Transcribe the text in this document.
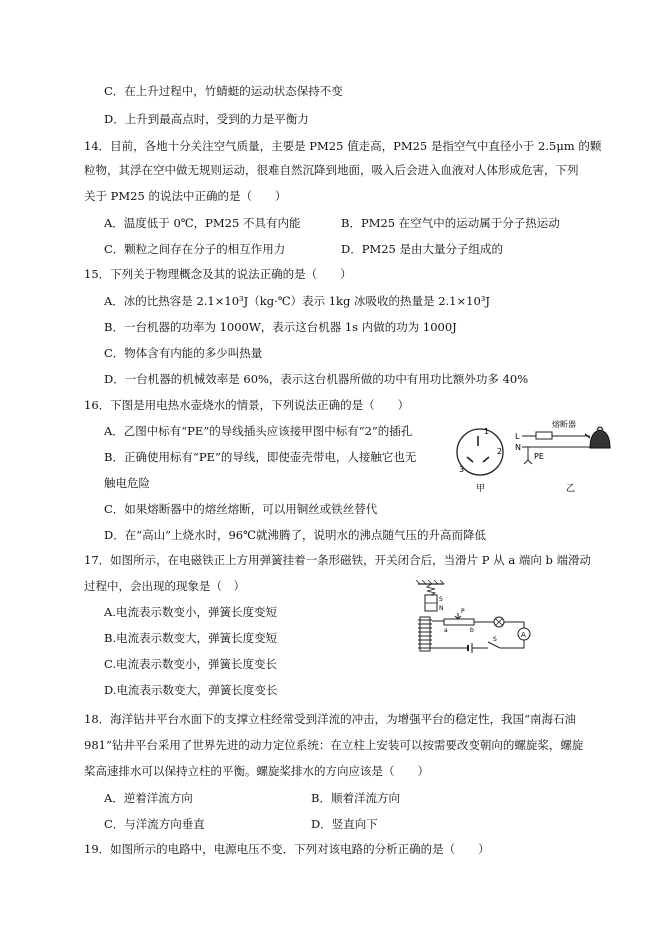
C．在上升过程中，竹蜻蜓的运动状态保持不变
D．上升到最高点时，受到的力是平衡力
14．目前，各地十分关注空气质量，主要是 PM25 值走高，PM25 是指空气中直径小于 2.5μm 的颗
粒物，其浮在空中做无规则运动，很难自然沉降到地面，吸入后会进入血液对人体形成危害，下列
关于 PM25 的说法中正确的是（　　）
A．温度低于 0℃，PM25 不具有内能	B．PM25 在空气中的运动属于分子热运动
C．颗粒之间存在分子的相互作用力	D．PM25 是由大量分子组成的
15．下列关于物理概念及其的说法正确的是（　　）
A．冰的比热容是 2.1×10³J（kg·℃）表示 1kg 冰吸收的热量是 2.1×10³J
B．一台机器的功率为 1000W，表示这台机器 1s 内做的功为 1000J
C．物体含有内能的多少叫热量
D．一台机器的机械效率是 60%，表示这台机器所做的功中有用功比额外功多 40%
16．下图是用电热水壶烧水的情景，下列说法正确的是（　　）
A．乙图中标有“PE”的导线插头应该接甲图中标有“2”的插孔
B．正确使用标有“PE”的导线，即使壶壳带电，人接触它也无
触电危险
C．如果熔断器中的熔丝熔断，可以用铜丝或铁丝替代
D．在“高山”上烧水时，96℃就沸腾了，说明水的沸点随气压的升高而降低
1
2
3
甲
L
N
熔断器
PE
乙
17．如图所示，在电磁铁正上方用弹簧挂着一条形磁铁，开关闭合后，当滑片 P 从 a 端向 b 端滑动
过程中，会出现的现象是（　）
A.电流表示数变小，弹簧长度变短
B.电流表示数变大，弹簧长度变短
C.电流表示数变小，弹簧长度变长
D.电流表示数变大，弹簧长度变长
S
N	P
a	b
A
S
18．海洋钻井平台水面下的支撑立柱经常受到洋流的冲击，为增强平台的稳定性，我国“南海石油
981”钻井平台采用了世界先进的动力定位系统：在立柱上安装可以按需要改变朝向的螺旋桨，螺旋
桨高速排水可以保持立柱的平衡。螺旋桨排水的方向应该是（　　）
A．逆着洋流方向	B．顺着洋流方向
C．与洋流方向垂直	D．竖直向下
19．如图所示的电路中，电源电压不变．下列对该电路的分析正确的是（　　）
